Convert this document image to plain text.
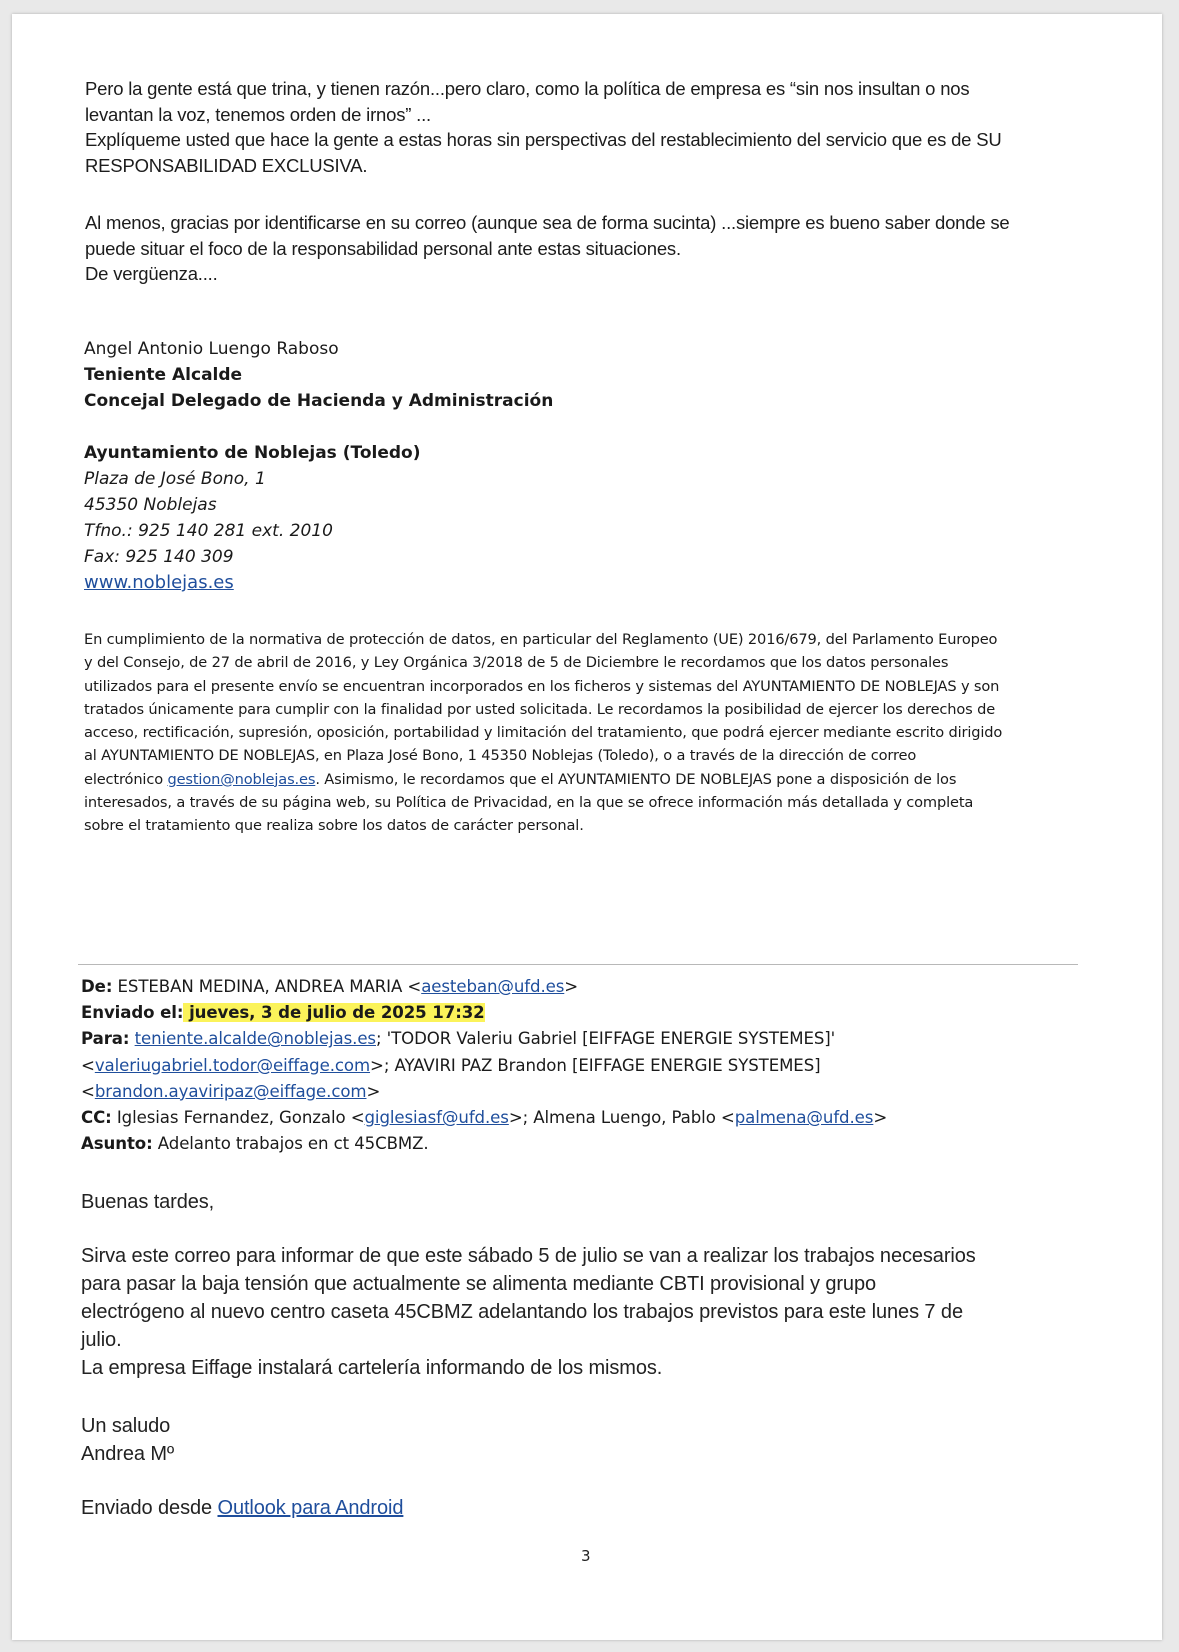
Pero la gente está que trina, y tienen razón...pero claro, como la política de empresa es “sin nos insultan o nos
levantan la voz, tenemos orden de irnos” ...
Explíqueme usted que hace la gente a estas horas sin perspectivas del restablecimiento del servicio que es de SU
RESPONSABILIDAD EXCLUSIVA.
Al menos, gracias por identificarse en su correo (aunque sea de forma sucinta) ...siempre es bueno saber donde se
puede situar el foco de la responsabilidad personal ante estas situaciones.
De vergüenza....
Angel Antonio Luengo Raboso
Teniente Alcalde
Concejal Delegado de Hacienda y Administración
Ayuntamiento de Noblejas (Toledo)
Plaza de José Bono, 1
45350 Noblejas
Tfno.: 925 140 281 ext. 2010
Fax: 925 140 309
www.noblejas.es
En cumplimiento de la normativa de protección de datos, en particular del Reglamento (UE) 2016/679, del Parlamento Europeo
y del Consejo, de 27 de abril de 2016, y Ley Orgánica 3/2018 de 5 de Diciembre le recordamos que los datos personales
utilizados para el presente envío se encuentran incorporados en los ficheros y sistemas del AYUNTAMIENTO DE NOBLEJAS y son
tratados únicamente para cumplir con la finalidad por usted solicitada. Le recordamos la posibilidad de ejercer los derechos de
acceso, rectificación, supresión, oposición, portabilidad y limitación del tratamiento, que podrá ejercer mediante escrito dirigido
al AYUNTAMIENTO DE NOBLEJAS, en Plaza José Bono, 1 45350 Noblejas (Toledo), o a través de la dirección de correo
electrónico gestion@noblejas.es. Asimismo, le recordamos que el AYUNTAMIENTO DE NOBLEJAS pone a disposición de los
interesados, a través de su página web, su Política de Privacidad, en la que se ofrece información más detallada y completa
sobre el tratamiento que realiza sobre los datos de carácter personal.
De: ESTEBAN MEDINA, ANDREA MARIA <aesteban@ufd.es>
Enviado el: jueves, 3 de julio de 2025 17:32
Para: teniente.alcalde@noblejas.es; 'TODOR Valeriu Gabriel [EIFFAGE ENERGIE SYSTEMES]'
<valeriugabriel.todor@eiffage.com>; AYAVIRI PAZ Brandon [EIFFAGE ENERGIE SYSTEMES]
<brandon.ayaviripaz@eiffage.com>
CC: Iglesias Fernandez, Gonzalo <giglesiasf@ufd.es>; Almena Luengo, Pablo <palmena@ufd.es>
Asunto: Adelanto trabajos en ct 45CBMZ.
Buenas tardes,
Sirva este correo para informar de que este sábado 5 de julio se van a realizar los trabajos necesarios
para pasar la baja tensión que actualmente se alimenta mediante CBTI provisional y grupo
electrógeno al nuevo centro caseta 45CBMZ adelantando los trabajos previstos para este lunes 7 de
julio.
La empresa Eiffage instalará cartelería informando de los mismos.
Un saludo
Andrea Mº
Enviado desde Outlook para Android
3
